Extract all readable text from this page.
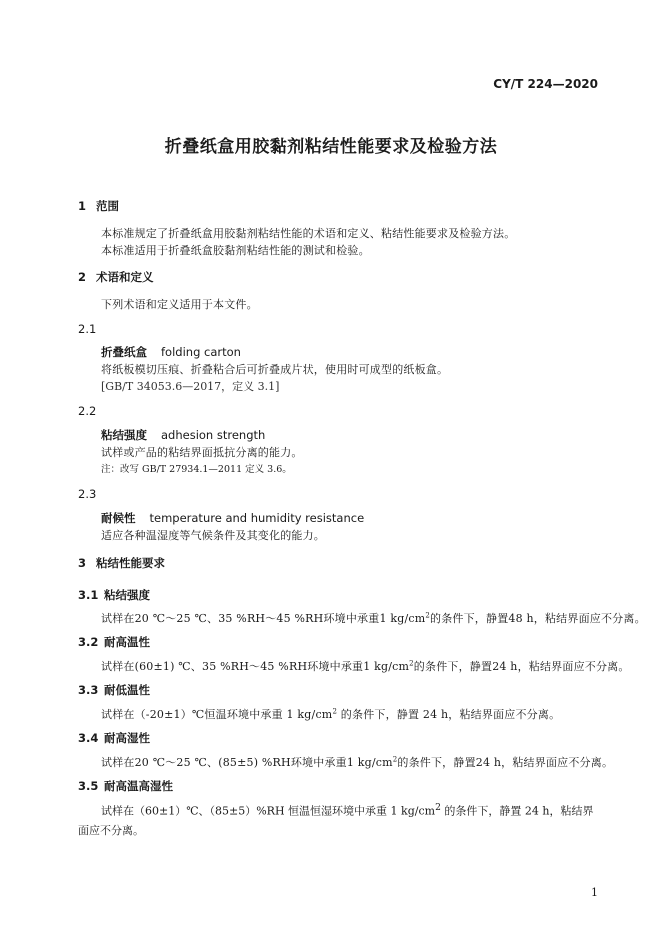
CY/T 224—2020
折叠纸盒用胶黏剂粘结性能要求及检验方法
1 范围
本标准规定了折叠纸盒用胶黏剂粘结性能的术语和定义、粘结性能要求及检验方法。
本标准适用于折叠纸盒胶黏剂粘结性能的测试和检验。
2 术语和定义
下列术语和定义适用于本文件。
2.1
折叠纸盒 folding carton
将纸板模切压痕、折叠粘合后可折叠成片状，使用时可成型的纸板盒。
[GB/T 34053.6—2017，定义 3.1]
2.2
粘结强度 adhesion strength
试样或产品的粘结界面抵抗分离的能力。
注：改写 GB/T 27934.1—2011 定义 3.6。
2.3
耐候性 temperature and humidity resistance
适应各种温湿度等气候条件及其变化的能力。
3 粘结性能要求
3.1 粘结强度
试样在20 ℃～25 ℃、35 %RH～45 %RH环境中承重1 $kg/cm^2$的条件下，静置48 h，粘结界面应不分离。
3.2 耐高温性
试样在(60±1) ℃、35 %RH～45 %RH环境中承重1 $kg/cm^2$的条件下，静置24 h，粘结界面应不分离。
3.3 耐低温性
试样在（-20±1）℃恒温环境中承重 1 $kg/cm^2$ 的条件下，静置 24 h，粘结界面应不分离。
3.4 耐高湿性
试样在20 ℃～25 ℃、(85±5) %RH环境中承重1 $kg/cm^2$的条件下，静置24 h，粘结界面应不分离。
3.5 耐高温高湿性
试样在（60±1）℃、（85±5）%RH 恒温恒湿环境中承重 1 $kg/cm^2$ 的条件下，静置 24 h，粘结界面应不分离。
1
